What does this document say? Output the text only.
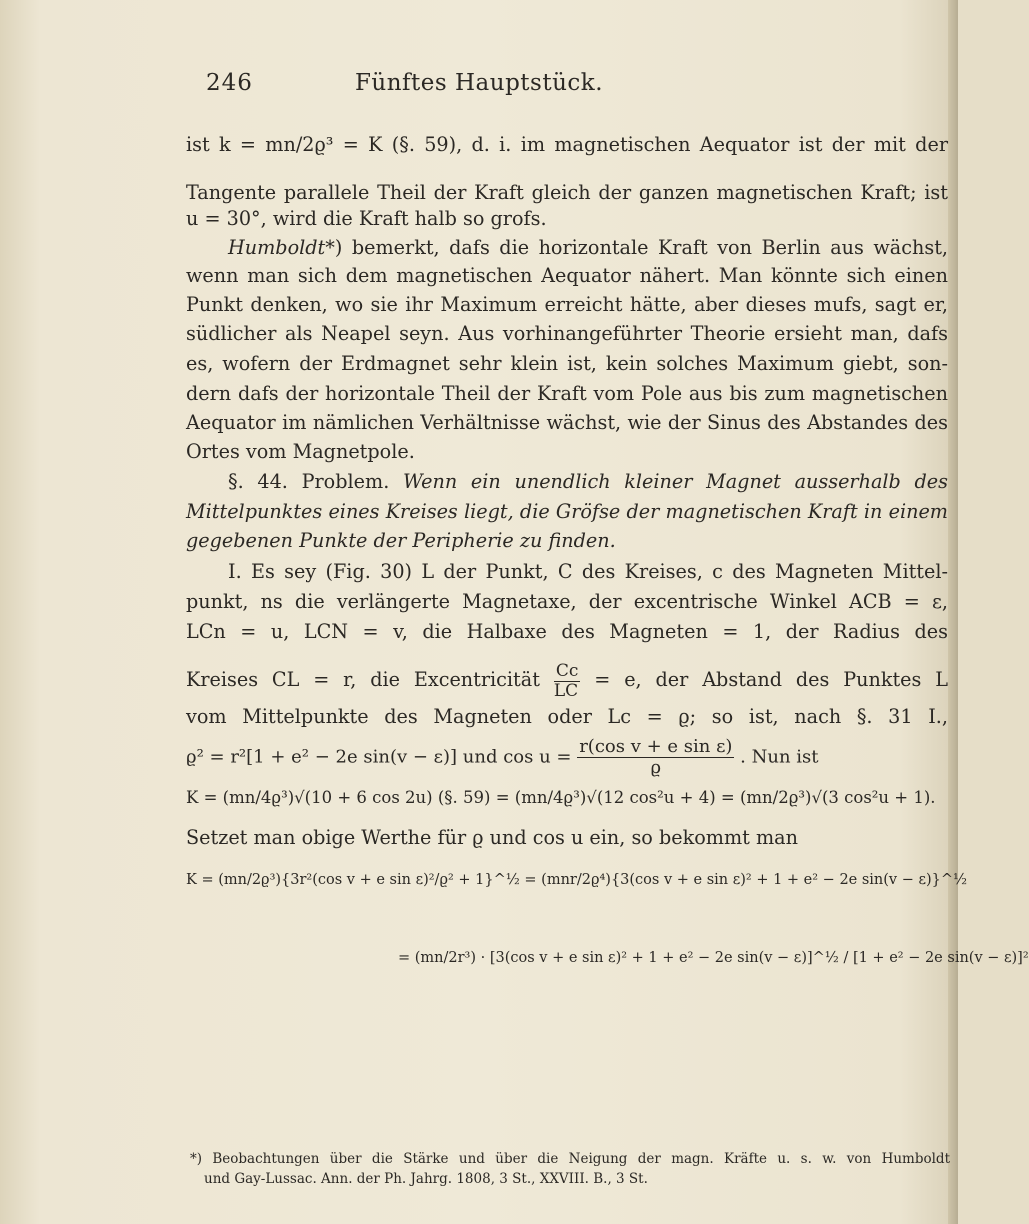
Fünftes Hauptstück.
246
ist k = mn/2ϱ³ = K (§. 59), d. i. im magnetischen Aequator ist der mit der
Tangente parallele Theil der Kraft gleich der ganzen magnetischen Kraft; ist
u = 30°, wird die Kraft halb so grofs.
Humboldt*) bemerkt, dafs die horizontale Kraft von Berlin aus wächst,
wenn man sich dem magnetischen Aequator nähert. Man könnte sich einen
Punkt denken, wo sie ihr Maximum erreicht hätte, aber dieses mufs, sagt er,
südlicher als Neapel seyn. Aus vorhinangeführter Theorie ersieht man, dafs
es, wofern der Erdmagnet sehr klein ist, kein solches Maximum giebt, son-
dern dafs der horizontale Theil der Kraft vom Pole aus bis zum magnetischen
Aequator im nämlichen Verhältnisse wächst, wie der Sinus des Abstandes des
Ortes vom Magnetpole.
§. 44. Problem. Wenn ein unendlich kleiner Magnet ausserhalb des
Mittelpunktes eines Kreises liegt, die Gröfse der magnetischen Kraft in einem
gegebenen Punkte der Peripherie zu finden.
I. Es sey (Fig. 30) L der Punkt, C des Kreises, c des Magneten Mittel-
punkt, ns die verlängerte Magnetaxe, der excentrische Winkel ACB = ε,
LCn = u, LCN = v, die Halbaxe des Magneten = 1, der Radius des
Kreises CL = r, die Excentricität $\frac{Cc}{LC} = e$, der Abstand des Punktes L
vom Mittelpunkte des Magneten oder Lc = ϱ; so ist, nach §. 31 I.,
ϱ² = r²[1 + e² − 2e sin(v − ε)] und $\cos u = \frac{\text{r(cos v + e sin ε)}}{ϱ}$ . Nun ist
K = (mn/4ϱ³)√(10 + 6 cos 2u) (§. 59) = (mn/4ϱ³)√(12 cos²u + 4) = (mn/2ϱ³)√(3 cos²u + 1).
Setzet man obige Werthe für ϱ und cos u ein, so bekommt man
K = (mn/2ϱ³){3r²(cos v + e sin ε)²/ϱ² + 1}^½ = (mnr/2ϱ⁴){3(cos v + e sin ε)² + 1 + e² − 2e sin(v − ε)}^½
= (mn/2r³) · [3(cos v + e sin ε)² + 1 + e² − 2e sin(v − ε)]^½ / [1 + e² − 2e sin(v − ε)]²
*) Beobachtungen über die Stärke und über die Neigung der magn. Kräfte u. s. w. von Humboldt
und Gay-Lussac. Ann. der Ph. Jahrg. 1808, 3 St., XXVIII. B., 3 St.
